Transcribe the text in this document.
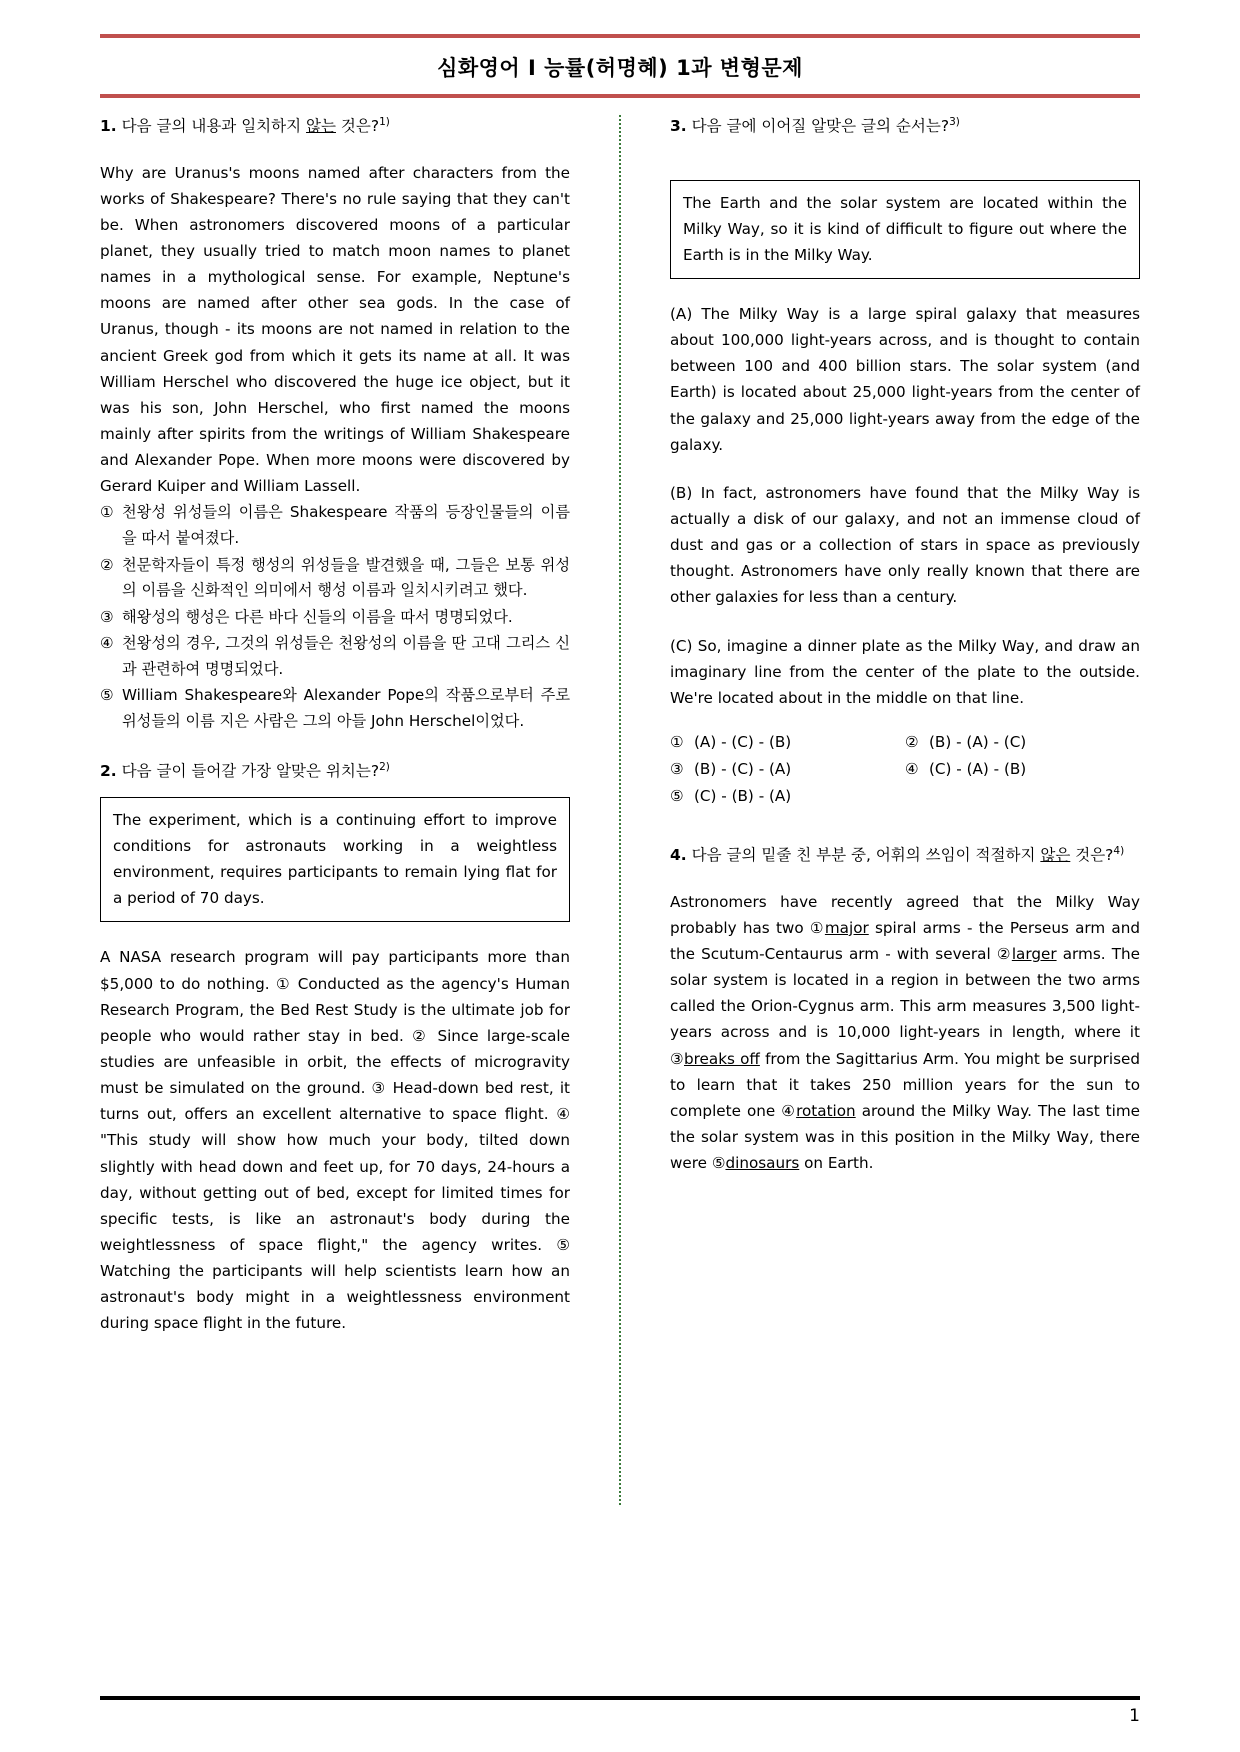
심화영어 I 능률(허명혜) 1과 변형문제
1. 다음 글의 내용과 일치하지 않는 것은?$^{1)}$
Why are Uranus's moons named after characters from the works of Shakespeare? There's no rule saying that they can't be. When astronomers discovered moons of a particular planet, they usually tried to match moon names to planet names in a mythological sense. For example, Neptune's moons are named after other sea gods. In the case of Uranus, though - its moons are not named in relation to the ancient Greek god from which it gets its name at all. It was William Herschel who discovered the huge ice object, but it was his son, John Herschel, who first named the moons mainly after spirits from the writings of William Shakespeare and Alexander Pope. When more moons were discovered by Gerard Kuiper and William Lassell.
① 천왕성 위성들의 이름은 Shakespeare 작품의 등장인물들의 이름을 따서 붙여졌다.
② 천문학자들이 특정 행성의 위성들을 발견했을 때, 그들은 보통 위성의 이름을 신화적인 의미에서 행성 이름과 일치시키려고 했다.
③ 해왕성의 행성은 다른 바다 신들의 이름을 따서 명명되었다.
④ 천왕성의 경우, 그것의 위성들은 천왕성의 이름을 딴 고대 그리스 신과 관련하여 명명되었다.
⑤ William Shakespeare와 Alexander Pope의 작품으로부터 주로 위성들의 이름 지은 사람은 그의 아들 John Herschel이었다.
2. 다음 글이 들어갈 가장 알맞은 위치는?$^{2)}$
The experiment, which is a continuing effort to improve conditions for astronauts working in a weightless environment, requires participants to remain lying flat for a period of 70 days.
A NASA research program will pay participants more than $5,000 to do nothing. ① Conducted as the agency's Human Research Program, the Bed Rest Study is the ultimate job for people who would rather stay in bed. ② Since large-scale studies are unfeasible in orbit, the effects of microgravity must be simulated on the ground. ③ Head-down bed rest, it turns out, offers an excellent alternative to space flight. ④ "This study will show how much your body, tilted down slightly with head down and feet up, for 70 days, 24-hours a day, without getting out of bed, except for limited times for specific tests, is like an astronaut's body during the weightlessness of space flight," the agency writes. ⑤ Watching the participants will help scientists learn how an astronaut's body might in a weightlessness environment during space flight in the future.
3. 다음 글에 이어질 알맞은 글의 순서는?$^{3)}$
The Earth and the solar system are located within the Milky Way, so it is kind of difficult to figure out where the Earth is in the Milky Way.
(A) The Milky Way is a large spiral galaxy that measures about 100,000 light-years across, and is thought to contain between 100 and 400 billion stars. The solar system (and Earth) is located about 25,000 light-years from the center of the galaxy and 25,000 light-years away from the edge of the galaxy.
(B) In fact, astronomers have found that the Milky Way is actually a disk of our galaxy, and not an immense cloud of dust and gas or a collection of stars in space as previously thought. Astronomers have only really known that there are other galaxies for less than a century.
(C) So, imagine a dinner plate as the Milky Way, and draw an imaginary line from the center of the plate to the outside. We're located about in the middle on that line.
① (A) - (C) - (B)	② (B) - (A) - (C)
③ (B) - (C) - (A)	④ (C) - (A) - (B)
⑤ (C) - (B) - (A)
4. 다음 글의 밑줄 친 부분 중, 어휘의 쓰임이 적절하지 않은 것은?$^{4)}$
Astronomers have recently agreed that the Milky Way probably has two ①major spiral arms - the Perseus arm and the Scutum-Centaurus arm - with several ②larger arms. The solar system is located in a region in between the two arms called the Orion-Cygnus arm. This arm measures 3,500 light-years across and is 10,000 light-years in length, where it ③breaks off from the Sagittarius Arm. You might be surprised to learn that it takes 250 million years for the sun to complete one ④rotation around the Milky Way. The last time the solar system was in this position in the Milky Way, there were ⑤dinosaurs on Earth.
1
